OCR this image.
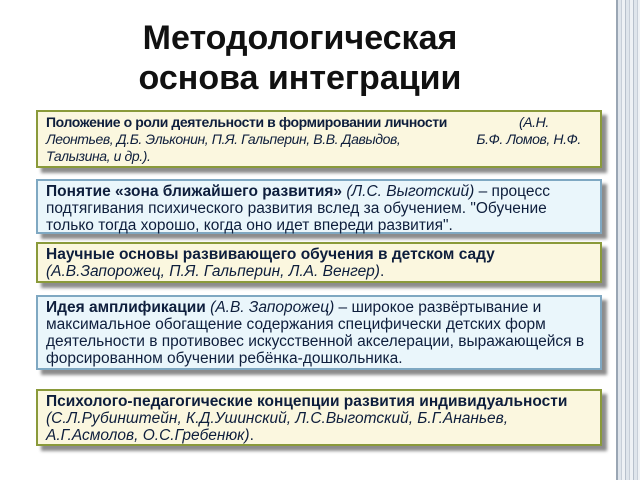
Методологическая
основа интеграции
Положение о роли деятельности в формировании личности	(А.Н. Леонтьев, Д.Б. Эльконин, П.Я. Гальперин, В.В. Давыдов,	Б.Ф. Ломов, Н.Ф. Талызина, и др.).
Понятие «зона ближайшего развития» (Л.С. Выготский) – процесс подтягивания психического развития вслед за обучением. "Обучение только тогда хорошо, когда оно идет впереди развития".
Научные основы развивающего обучения в детском саду (А.В.Запорожец, П.Я. Гальперин, Л.А. Венгер).
Идея амплификации (А.В. Запорожец) – широкое развёртывание и максимальное обогащение содержания специфически детских форм деятельности в противовес искусственной акселерации, выражающейся в форсированном обучении ребёнка-дошкольника.
Психолого-педагогические концепции развития индивидуальности (С.Л.Рубинштейн, К.Д.Ушинский, Л.С.Выготский, Б.Г.Ананьев, А.Г.Асмолов, О.С.Гребенюк).
